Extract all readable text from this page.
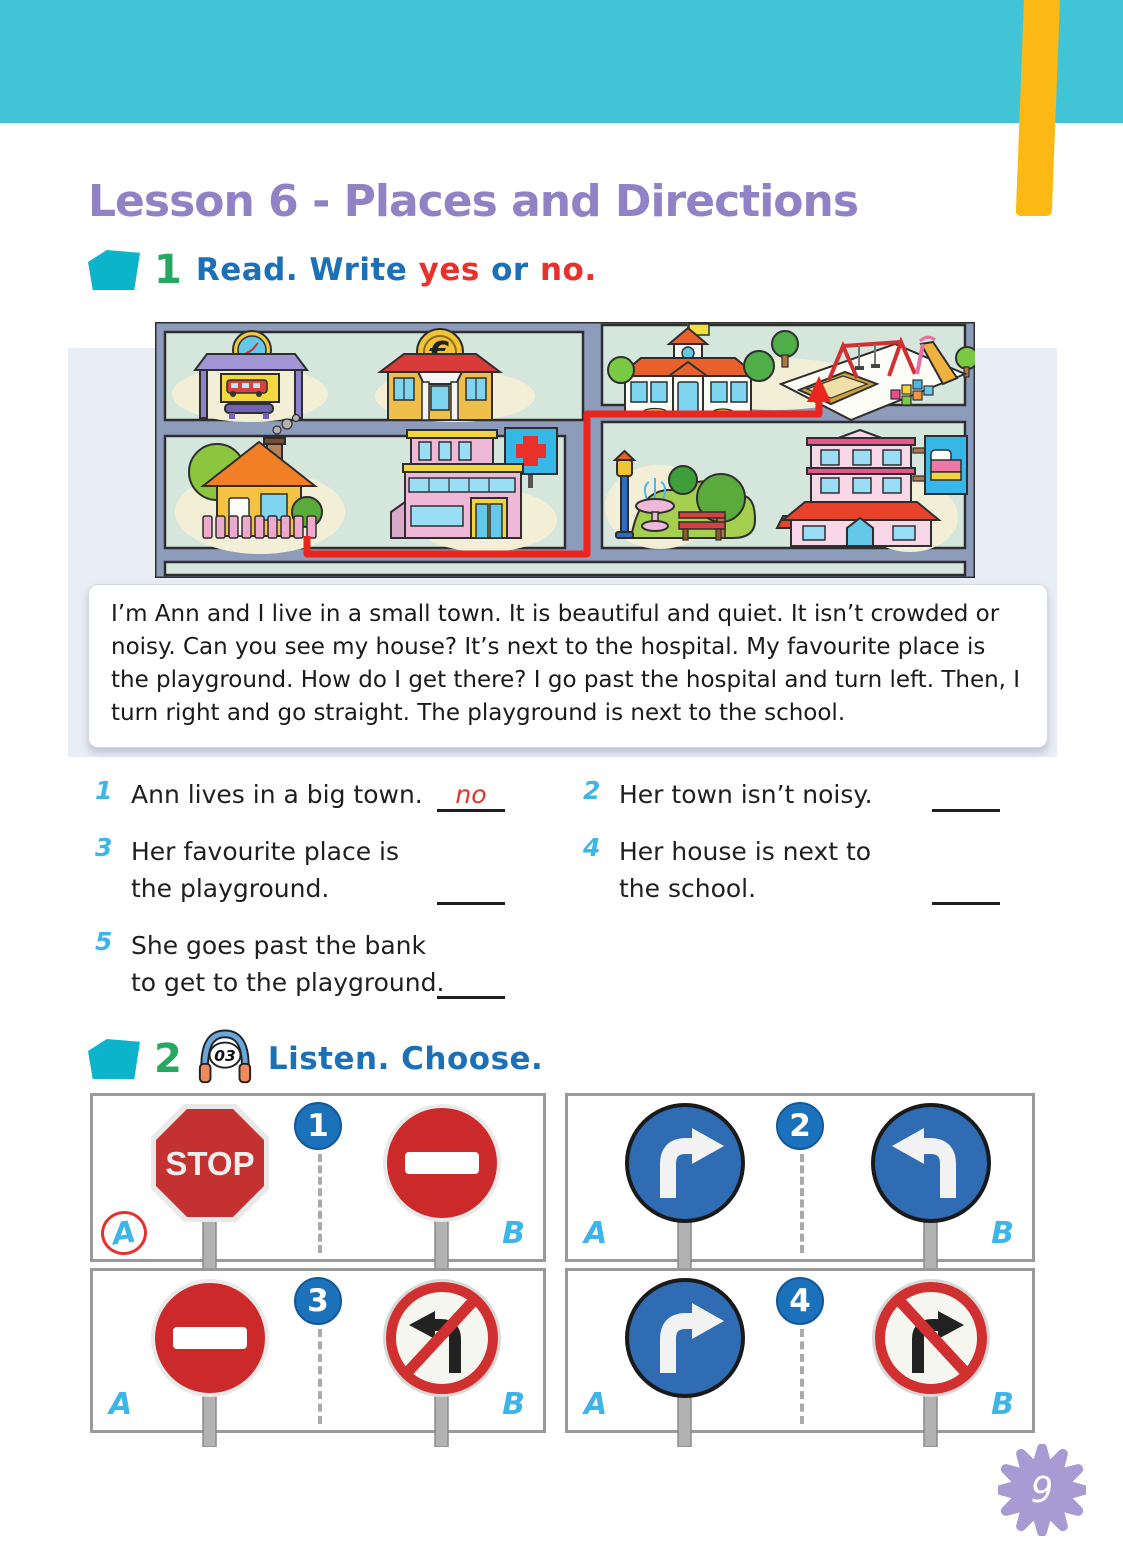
Lesson 6 - Places and Directions
1 Read. Write yes or no.
I’m Ann and I live in a small town. It is beautiful and quiet. It isn’t crowded or noisy. Can you see my house? It’s next to the hospital. My favourite place is the playground. How do I get there? I go past the hospital and turn left. Then, I turn right and go straight. The playground is next to the school.
1 Ann lives in a big town. no	2 Her town isn’t noisy.
3 Her favourite place is
the playground.
4 Her house is next to
the school.
5 She goes past the bank
to get to the playground.
2 03 Listen. Choose.
1
STOP
A	B
2
A	B
3
A	B
4
A	B
9
